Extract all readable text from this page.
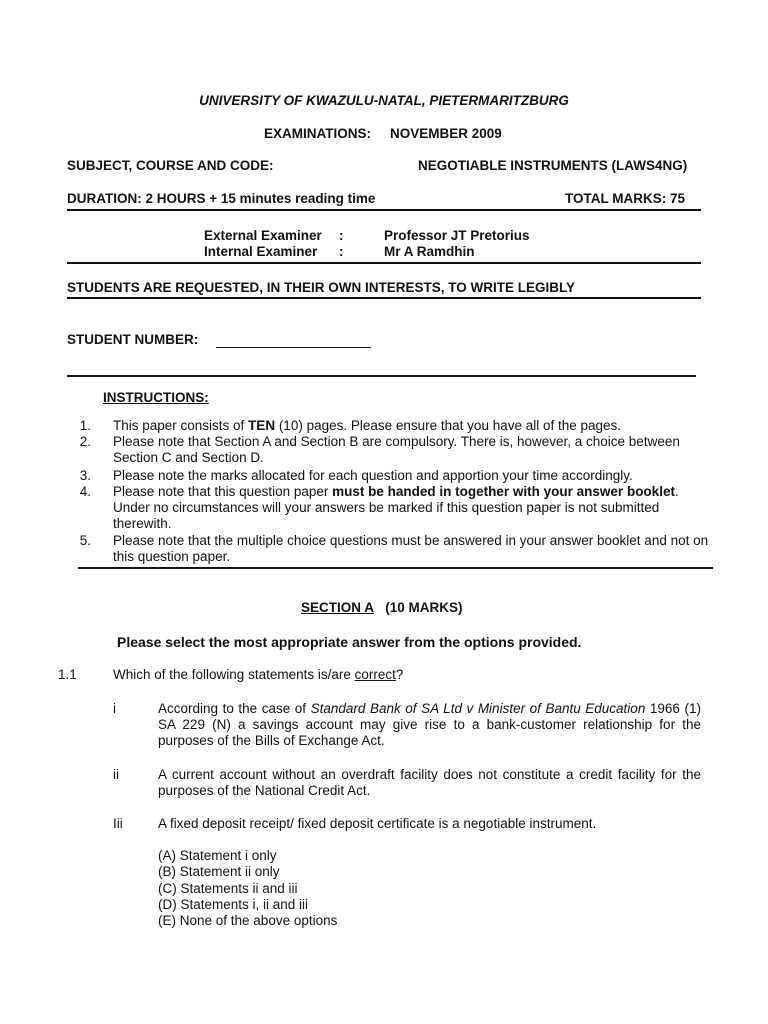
UNIVERSITY OF KWAZULU-NATAL, PIETERMARITZBURG
EXAMINATIONS: NOVEMBER 2009
SUBJECT, COURSE AND CODE:	NEGOTIABLE INSTRUMENTS (LAWS4NG)
DURATION: 2 HOURS + 15 minutes reading time	TOTAL MARKS: 75
External Examiner :	Professor JT Pretorius
Internal Examiner :	Mr A Ramdhin
STUDENTS ARE REQUESTED, IN THEIR OWN INTERESTS, TO WRITE LEGIBLY
STUDENT NUMBER:
INSTRUCTIONS:
1. This paper consists of TEN (10) pages. Please ensure that you have all of the pages.
2. Please note that Section A and Section B are compulsory. There is, however, a choice between Section C and Section D.
3. Please note the marks allocated for each question and apportion your time accordingly.
4. Please note that this question paper must be handed in together with your answer booklet. Under no circumstances will your answers be marked if this question paper is not submitted therewith.
5. Please note that the multiple choice questions must be answered in your answer booklet and not on this question paper.
SECTION A (10 MARKS)
Please select the most appropriate answer from the options provided.
1.1	Which of the following statements is/are correct?
i	According to the case of Standard Bank of SA Ltd v Minister of Bantu Education 1966 (1) SA 229 (N) a savings account may give rise to a bank-customer relationship for the purposes of the Bills of Exchange Act.
ii	A current account without an overdraft facility does not constitute a credit facility for the purposes of the National Credit Act.
Iii	A fixed deposit receipt/ fixed deposit certificate is a negotiable instrument.
(A) Statement i only
(B) Statement ii only
(C) Statements ii and iii
(D) Statements i, ii and iii
(E) None of the above options
